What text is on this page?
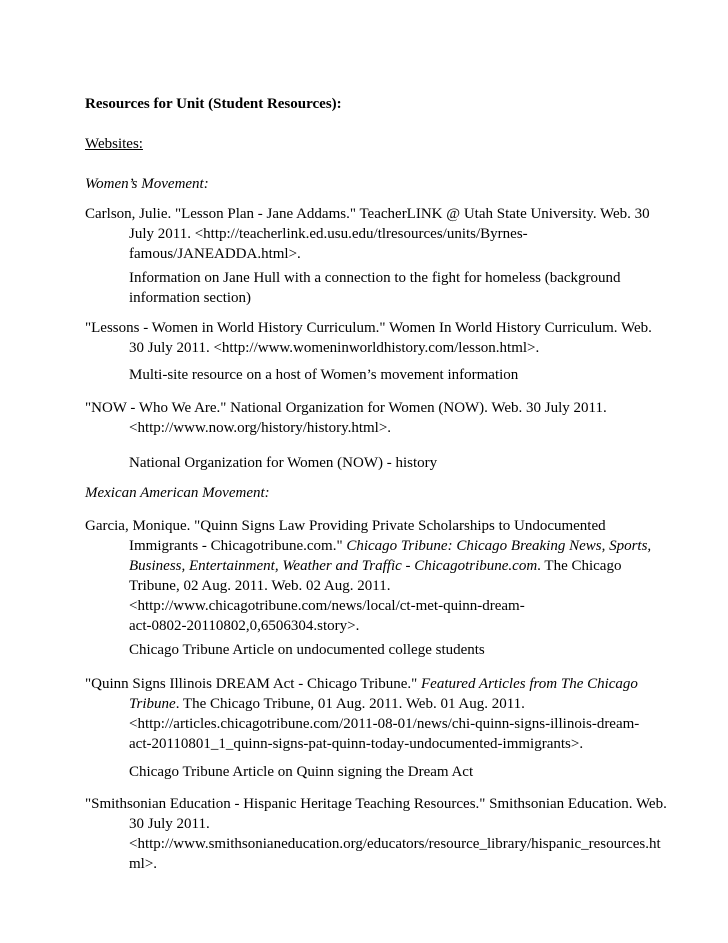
Resources for Unit (Student Resources):
Websites:
Women’s Movement:
Carlson, Julie. "Lesson Plan - Jane Addams." TeacherLINK @ Utah State University. Web. 30
July 2011. <http://teacherlink.ed.usu.edu/tlresources/units/Byrnes-
famous/JANEADDA.html>.
Information on Jane Hull with a connection to the fight for homeless (background
information section)
"Lessons - Women in World History Curriculum." Women In World History Curriculum. Web.
30 July 2011. <http://www.womeninworldhistory.com/lesson.html>.
Multi-site resource on a host of Women’s movement information
"NOW - Who We Are." National Organization for Women (NOW). Web. 30 July 2011.
<http://www.now.org/history/history.html>.
National Organization for Women (NOW) - history
Mexican American Movement:
Garcia, Monique. "Quinn Signs Law Providing Private Scholarships to Undocumented
Immigrants - Chicagotribune.com." Chicago Tribune: Chicago Breaking News, Sports,
Business, Entertainment, Weather and Traffic - Chicagotribune.com. The Chicago
Tribune, 02 Aug. 2011. Web. 02 Aug. 2011.
<http://www.chicagotribune.com/news/local/ct-met-quinn-dream-
act-0802-20110802,0,6506304.story>.
Chicago Tribune Article on undocumented college students
"Quinn Signs Illinois DREAM Act - Chicago Tribune." Featured Articles from The Chicago
Tribune. The Chicago Tribune, 01 Aug. 2011. Web. 01 Aug. 2011.
<http://articles.chicagotribune.com/2011-08-01/news/chi-quinn-signs-illinois-dream-
act-20110801_1_quinn-signs-pat-quinn-today-undocumented-immigrants>.
Chicago Tribune Article on Quinn signing the Dream Act
"Smithsonian Education - Hispanic Heritage Teaching Resources." Smithsonian Education. Web.
30 July 2011.
<http://www.smithsonianeducation.org/educators/resource_library/hispanic_resources.ht
ml>.
